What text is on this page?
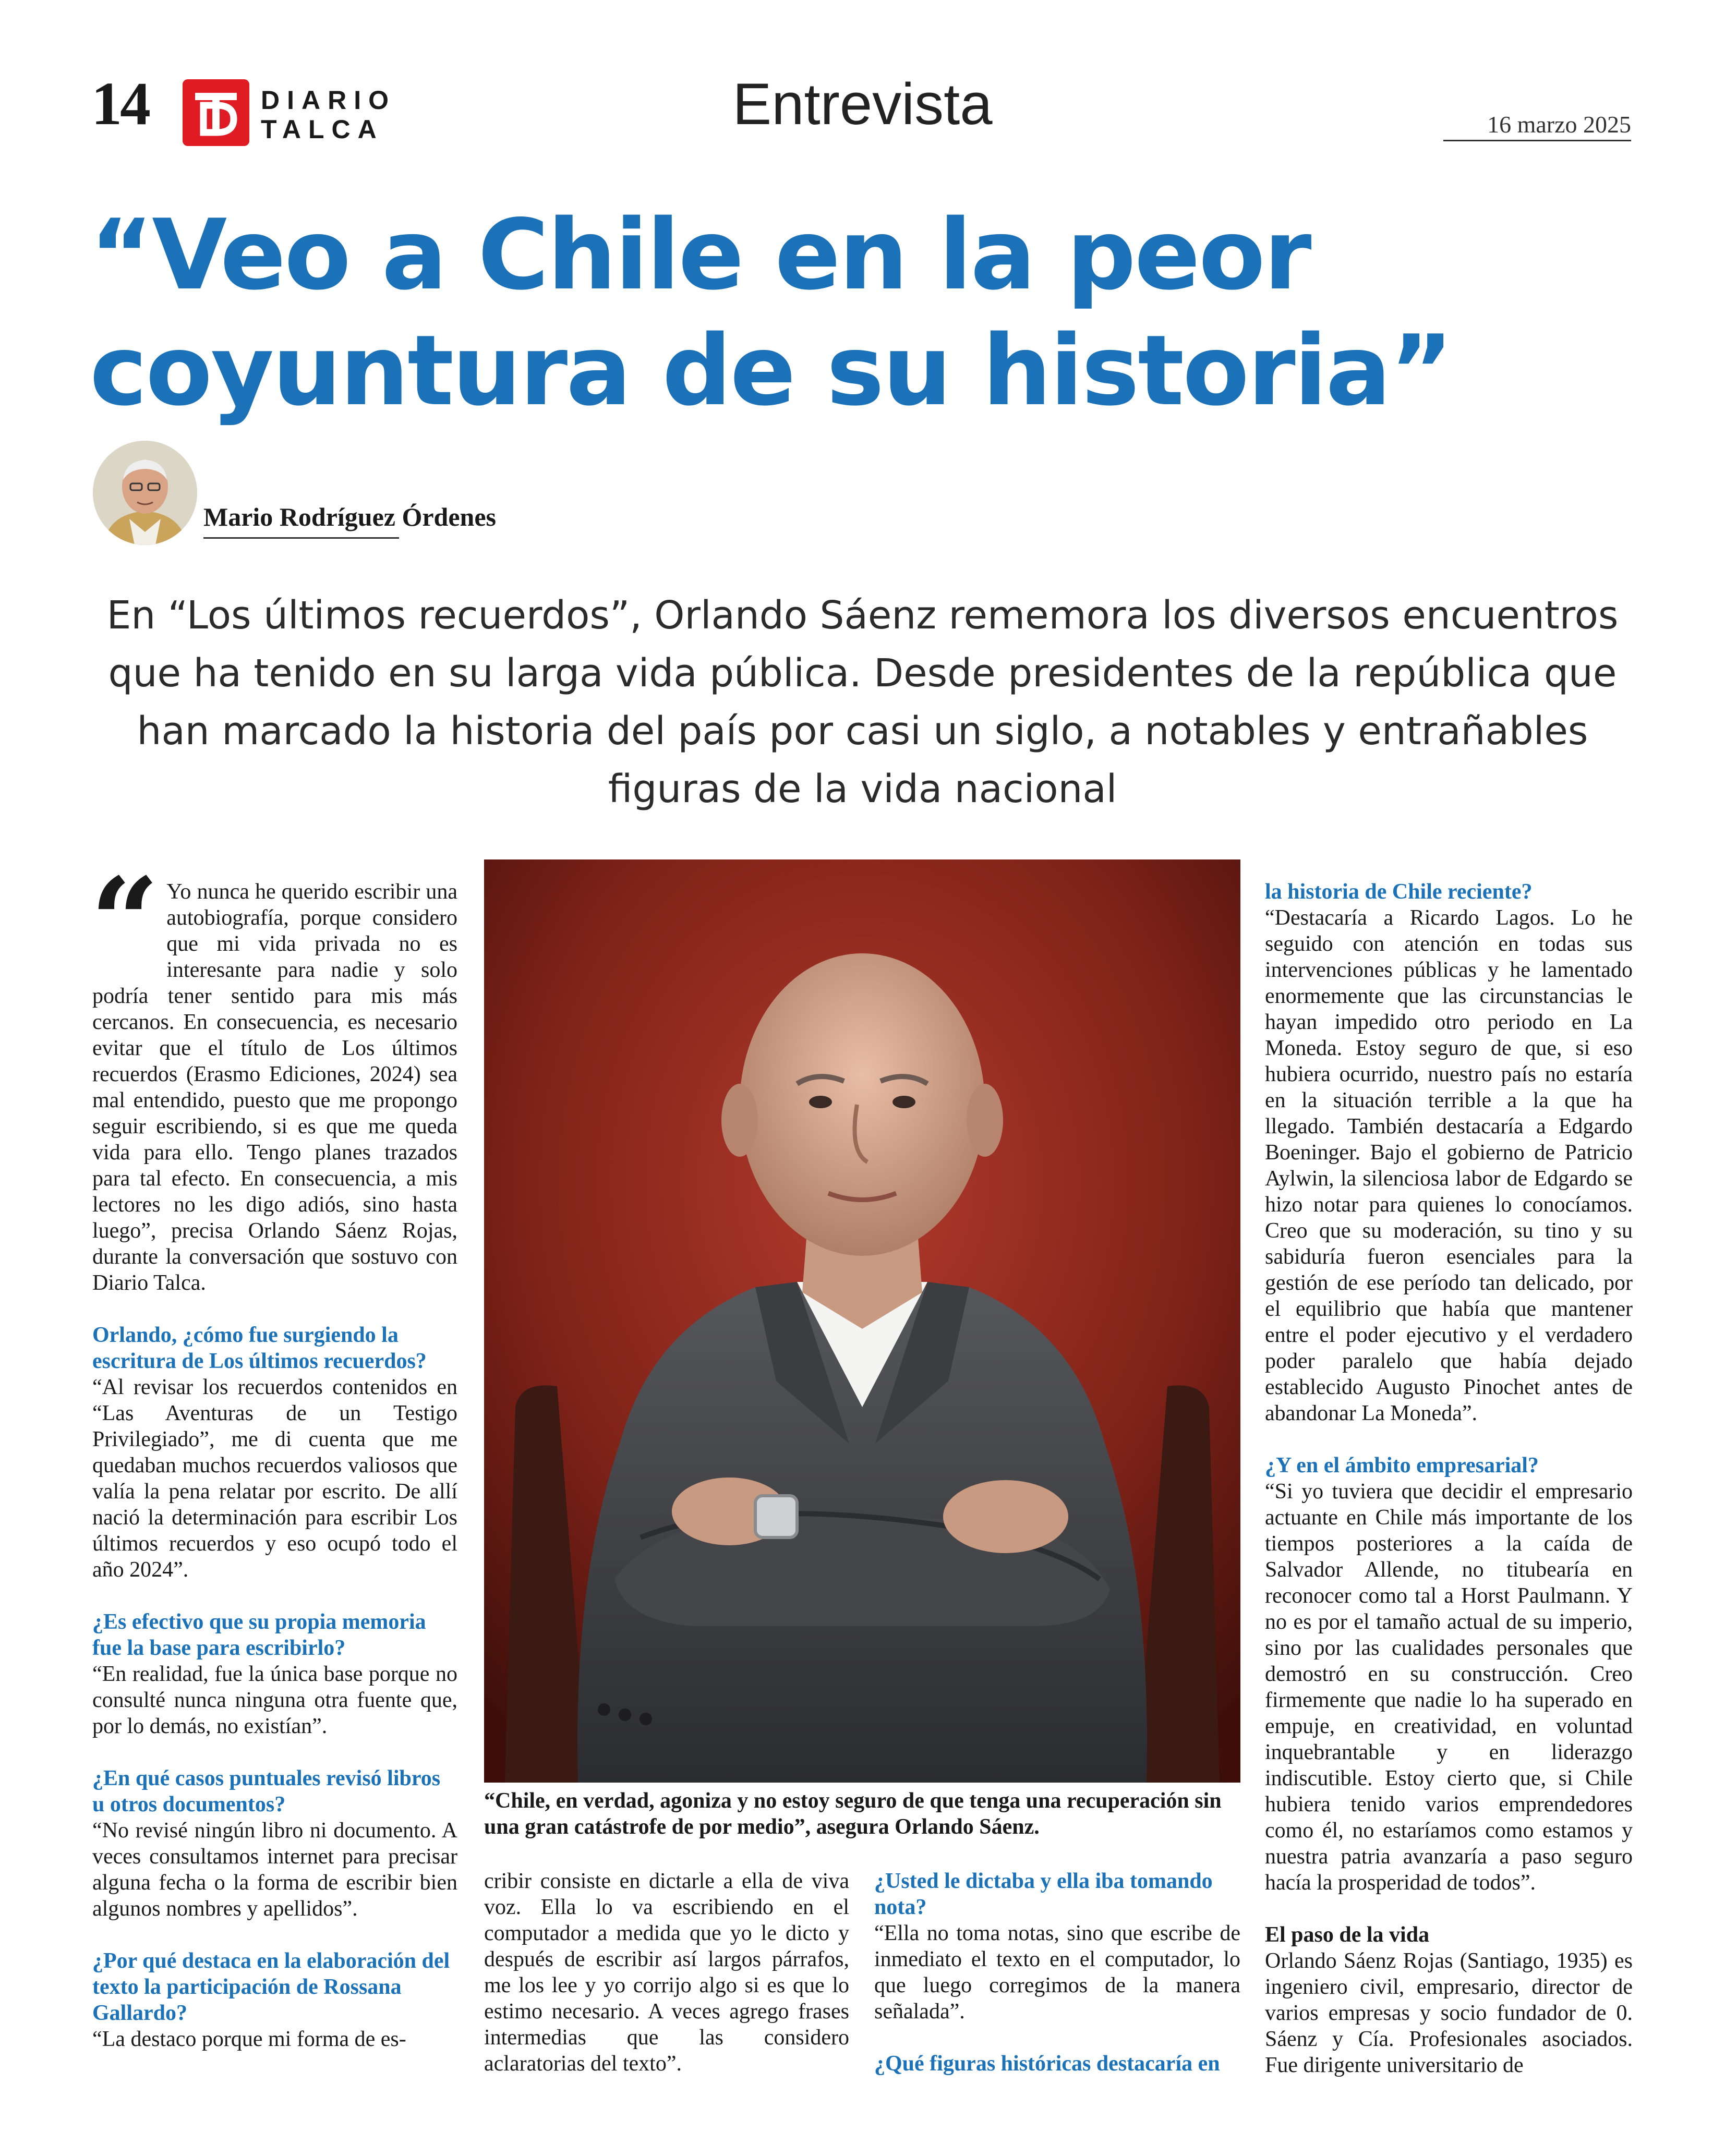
14	DIARIO
TALCA	Entrevista	16 marzo 2025
“Veo a Chile en la peor coyuntura de su historia”
Mario Rodríguez Órdenes
En “Los últimos recuerdos”, Orlando Sáenz rememora los diversos encuentros que ha tenido en su larga vida pública. Desde presidentes de la república que han marcado la historia del país por casi un siglo, a notables y entrañables figuras de la vida nacional

“ Yo nunca he querido escribir una autobiografía, porque considero que mi vida privada no es interesante para nadie y solo podría tener sentido para mis más cercanos. En consecuencia, es necesario evitar que el título de Los últimos recuerdos (Erasmo Ediciones, 2024) sea mal entendido, puesto que me propongo seguir escribiendo, si es que me queda vida para ello. Tengo planes trazados para tal efecto. En consecuencia, a mis lectores no les digo adiós, sino hasta luego”, precisa Orlando Sáenz Rojas, durante la conversación que sostuvo con Diario Talca.

Orlando, ¿cómo fue surgiendo la escritura de Los últimos recuerdos?
“Al revisar los recuerdos contenidos en “Las Aventuras de un Testigo Privilegiado”, me di cuenta que me quedaban muchos recuerdos valiosos que valía la pena relatar por escrito. De allí nació la determinación para escribir Los últimos recuerdos y eso ocupó todo el año 2024”.

¿Es efectivo que su propia memoria fue la base para escribirlo?
“En realidad, fue la única base porque no consulté nunca ninguna otra fuente que, por lo demás, no existían”.

¿En qué casos puntuales revisó libros u otros documentos?
“No revisé ningún libro ni documento. A veces consultamos internet para precisar alguna fecha o la forma de escribir bien algunos nombres y apellidos”.

¿Por qué destaca en la elaboración del texto la participación de Rossana Gallardo?
“La destaco porque mi forma de es-

“Chile, en verdad, agoniza y no estoy seguro de que tenga una recuperación sin una gran catástrofe de por medio”, asegura Orlando Sáenz.

cribir consiste en dictarle a ella de viva voz. Ella lo va escribiendo en el computador a medida que yo le dicto y después de escribir así largos párrafos, me los lee y yo corrijo algo si es que lo estimo necesario. A veces agrego frases intermedias que las considero aclaratorias del texto”.

¿Usted le dictaba y ella iba tomando nota?
“Ella no toma notas, sino que escribe de inmediato el texto en el computador, lo que luego corregimos de la manera señalada”.

¿Qué figuras históricas destacaría en

la historia de Chile reciente?
“Destacaría a Ricardo Lagos. Lo he seguido con atención en todas sus intervenciones públicas y he lamentado enormemente que las circunstancias le hayan impedido otro periodo en La Moneda. Estoy seguro de que, si eso hubiera ocurrido, nuestro país no estaría en la situación terrible a la que ha llegado. También destacaría a Edgardo Boeninger. Bajo el gobierno de Patricio Aylwin, la silenciosa labor de Edgardo se hizo notar para quienes lo conocíamos. Creo que su moderación, su tino y su sabiduría fueron esenciales para la gestión de ese período tan delicado, por el equilibrio que había que mantener entre el poder ejecutivo y el verdadero poder paralelo que había dejado establecido Augusto Pinochet antes de abandonar La Moneda”.

¿Y en el ámbito empresarial?
“Si yo tuviera que decidir el empresario actuante en Chile más importante de los tiempos posteriores a la caída de Salvador Allende, no titubearía en reconocer como tal a Horst Paulmann. Y no es por el tamaño actual de su imperio, sino por las cualidades personales que demostró en su construcción. Creo firmemente que nadie lo ha superado en empuje, en creatividad, en voluntad inquebrantable y en liderazgo indiscutible. Estoy cierto que, si Chile hubiera tenido varios emprendedores como él, no estaríamos como estamos y nuestra patria avanzaría a paso seguro hacía la prosperidad de todos”.

El paso de la vida
Orlando Sáenz Rojas (Santiago, 1935) es ingeniero civil, empresario, director de varios empresas y socio fundador de 0. Sáenz y Cía. Profesionales asociados. Fue dirigente universitario de
